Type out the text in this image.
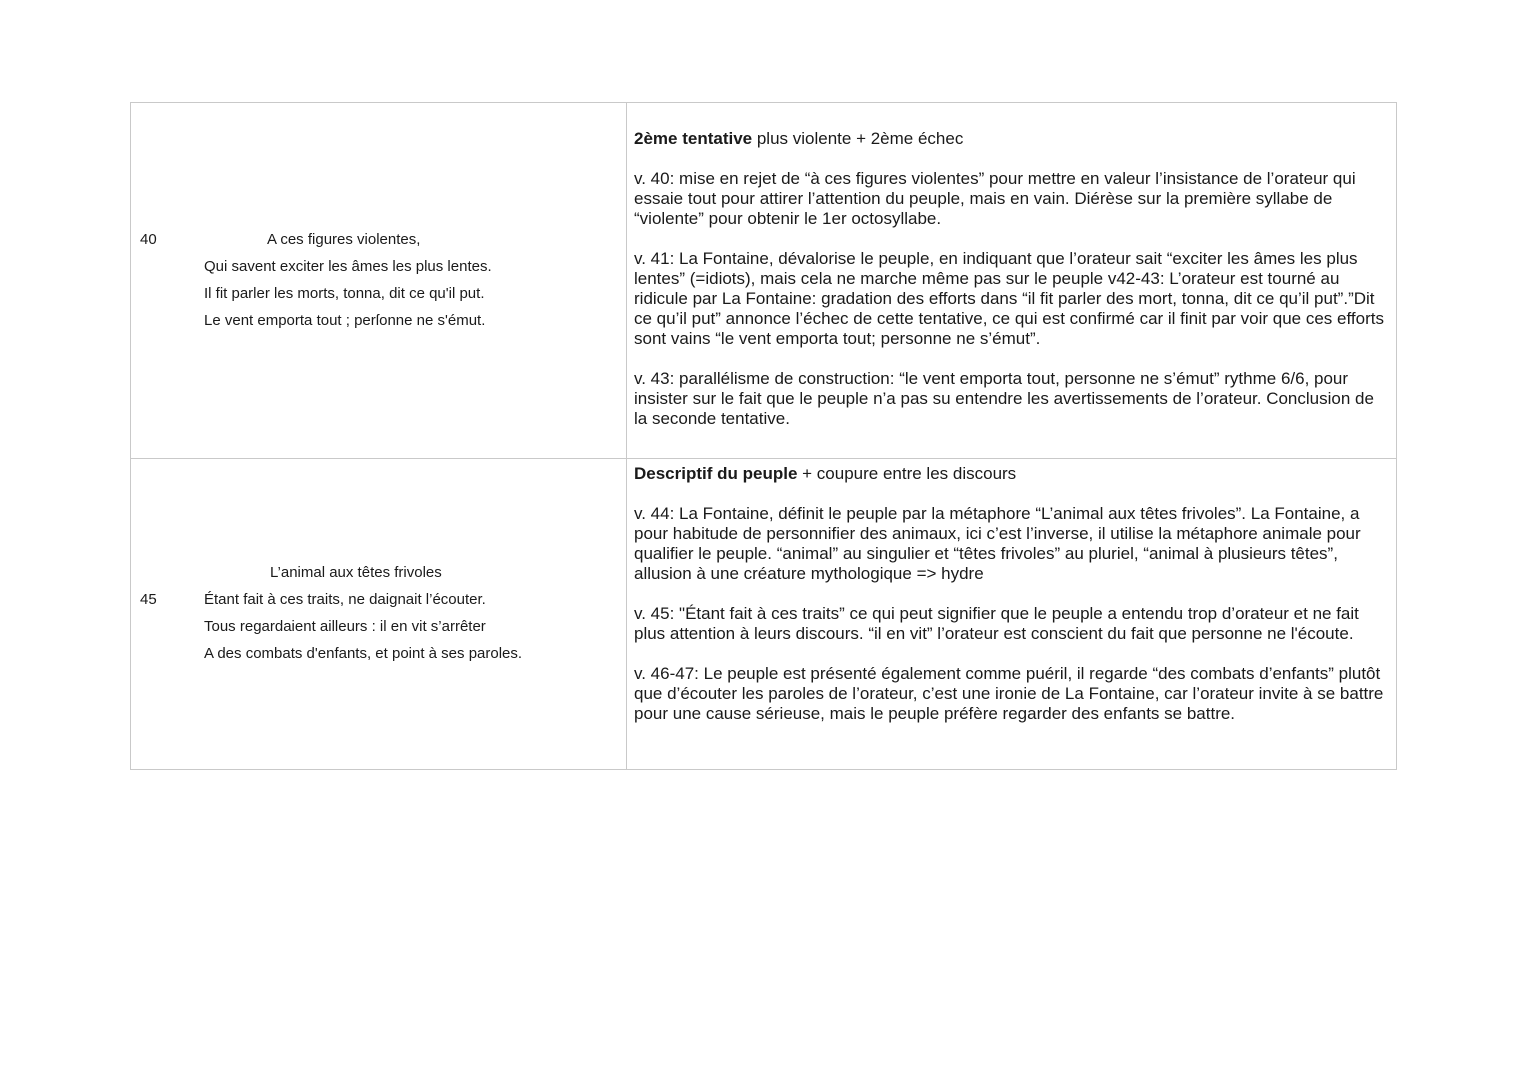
40	A ces figures violentes,
Qui savent exciter les âmes les plus lentes.
Il fit parler les morts, tonna, dit ce qu'il put.
Le vent emporta tout ; perſonne ne s'émut.

2ème tentative plus violente + 2ème échec

v. 40: mise en rejet de “à ces figures violentes” pour mettre en valeur l’insistance de l’orateur qui essaie tout pour attirer l’attention du peuple, mais en vain. Diérèse sur la première syllabe de “violente” pour obtenir le 1er octosyllabe.

v. 41: La Fontaine, dévalorise le peuple, en indiquant que l’orateur sait “exciter les âmes les plus lentes” (=idiots), mais cela ne marche même pas sur le peuple v42-43: L’orateur est tourné au ridicule par La Fontaine: gradation des efforts dans “il fit parler des mort, tonna, dit ce qu’il put”.”Dit ce qu’il put” annonce l’échec de cette tentative, ce qui est confirmé car il finit par voir que ces efforts sont vains “le vent emporta tout; personne ne s’émut”.

v. 43: parallélisme de construction: “le vent emporta tout, personne ne s’émut” rythme 6/6, pour insister sur le fait que le peuple n’a pas su entendre les avertissements de l’orateur. Conclusion de la seconde tentative.

L’animal aux têtes frivoles
45	Étant fait à ces traits, ne daignait l’écouter.
Tous regardaient ailleurs : il en vit s’arrêter
A des combats d'enfants, et point à ses paroles.

Descriptif du peuple + coupure entre les discours

v. 44: La Fontaine, définit le peuple par la métaphore “L’animal aux têtes frivoles”. La Fontaine, a pour habitude de personnifier des animaux, ici c’est l’inverse, il utilise la métaphore animale pour qualifier le peuple. “animal” au singulier et “têtes frivoles” au pluriel, “animal à plusieurs têtes”, allusion à une créature mythologique => hydre

v. 45: "Étant fait à ces traits” ce qui peut signifier que le peuple a entendu trop d’orateur et ne fait plus attention à leurs discours. “il en vit” l’orateur est conscient du fait que personne ne l'écoute.

v. 46-47: Le peuple est présenté également comme puéril, il regarde “des combats d’enfants” plutôt que d’écouter les paroles de l’orateur, c’est une ironie de La Fontaine, car l’orateur invite à se battre pour une cause sérieuse, mais le peuple préfère regarder des enfants se battre.
